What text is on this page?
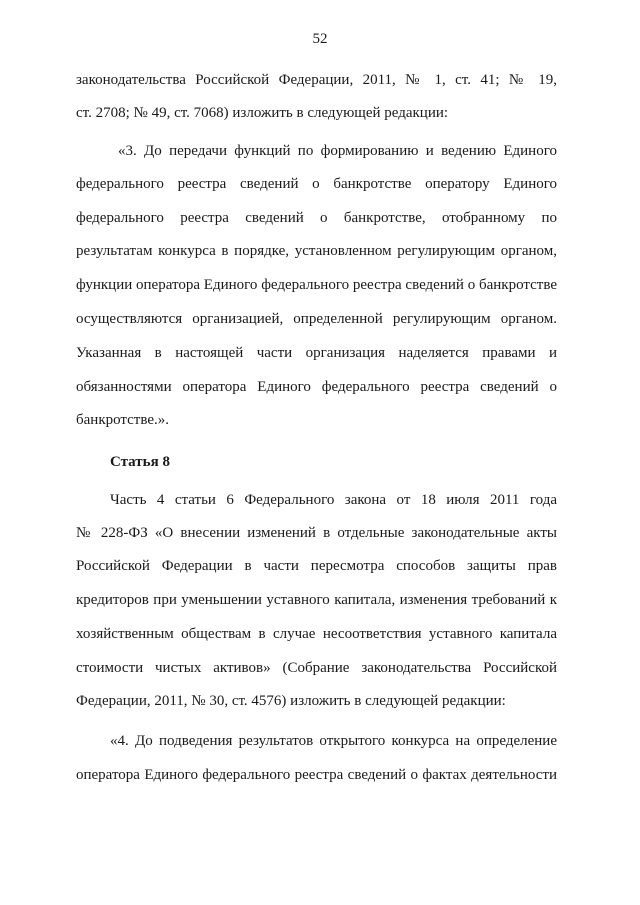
52
законодательства Российской Федерации, 2011, № 1, ст. 41; № 19,
ст. 2708; № 49, ст. 7068) изложить в следующей редакции:
«3. До передачи функций по формированию и ведению Единого
федерального реестра сведений о банкротстве оператору Единого
федерального реестра сведений о банкротстве, отобранному по
результатам конкурса в порядке, установленном регулирующим органом,
функции оператора Единого федерального реестра сведений о банкротстве
осуществляются организацией, определенной регулирующим органом.
Указанная в настоящей части организация наделяется правами и
обязанностями оператора Единого федерального реестра сведений о
банкротстве.».
Статья 8
Часть 4 статьи 6 Федерального закона от 18 июля 2011 года
№ 228-ФЗ «О внесении изменений в отдельные законодательные акты
Российской Федерации в части пересмотра способов защиты прав
кредиторов при уменьшении уставного капитала, изменения требований к
хозяйственным обществам в случае несоответствия уставного капитала
стоимости чистых активов» (Собрание законодательства Российской
Федерации, 2011, № 30, ст. 4576) изложить в следующей редакции:
«4. До подведения результатов открытого конкурса на определение
оператора Единого федерального реестра сведений о фактах деятельности
